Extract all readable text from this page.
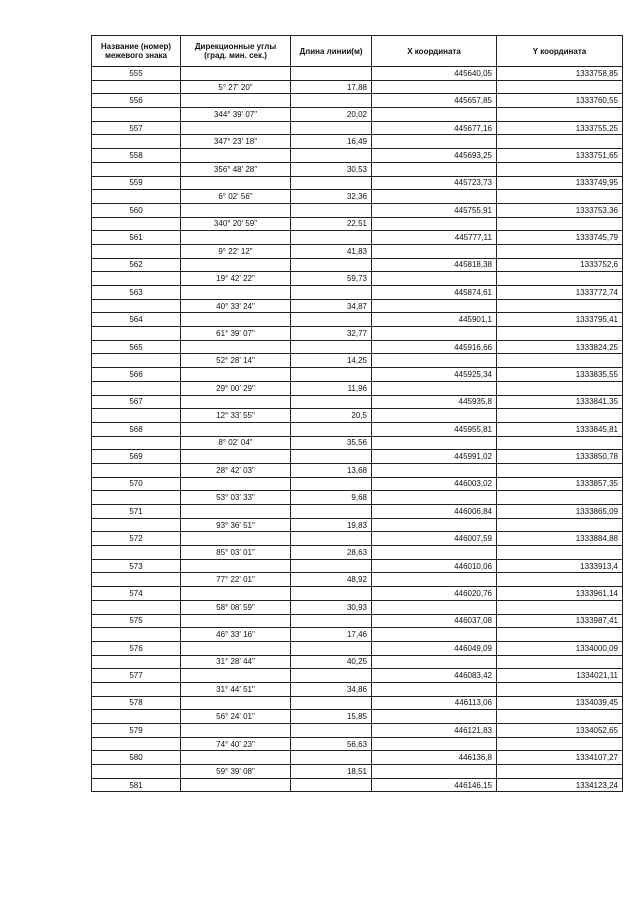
Название (номер) межевого знака	Дирекционные углы (град. мин. сек.)	Длина линии(м)	X координата	Y координата
555			445640,05	1333758,85
	5° 27' 20"	17,88		
556			445657,85	1333760,55
	344° 39' 07"	20,02		
557			445677,16	1333755,25
	347° 23' 18"	16,49		
558			445693,25	1333751,65
	356° 48' 28"	30,53		
559			445723,73	1333749,95
	6° 02' 56"	32,36		
560			445755,91	1333753,36
	340° 20' 59"	22,51		
561			445777,11	1333745,79
	9° 22' 12"	41,83		
562			445818,38	1333752,6
	19° 42' 22"	59,73		
563			445874,61	1333772,74
	40° 33' 24"	34,87		
564			445901,1	1333795,41
	61° 39' 07"	32,77		
565			445916,66	1333824,25
	52° 28' 14"	14,25		
566			445925,34	1333835,55
	29° 00' 29"	11,96		
567			445935,8	1333841,35
	12° 33' 55"	20,5		
568			445955,81	1333845,81
	8° 02' 04"	35,56		
569			445991,02	1333850,78
	28° 42' 03"	13,68		
570			446003,02	1333857,35
	53° 03' 33"	9,68		
571			446006,84	1333865,09
	93° 36' 51"	19,83		
572			446007,59	1333884,88
	85° 03' 01"	28,63		
573			446010,06	1333913,4
	77° 22' 01"	48,92		
574			446020,76	1333961,14
	58° 08' 59"	30,93		
575			446037,08	1333987,41
	46° 33' 16"	17,46		
576			446049,09	1334000,09
	31° 28' 44"	40,25		
577			446083,42	1334021,11
	31° 44' 51"	34,86		
578			446113,06	1334039,45
	56° 24' 01"	15,85		
579			446121,83	1334052,65
	74° 40' 23"	56,63		
580			446136,8	1334107,27
	59° 39' 08"	18,51		
581			446146,15	1334123,24
